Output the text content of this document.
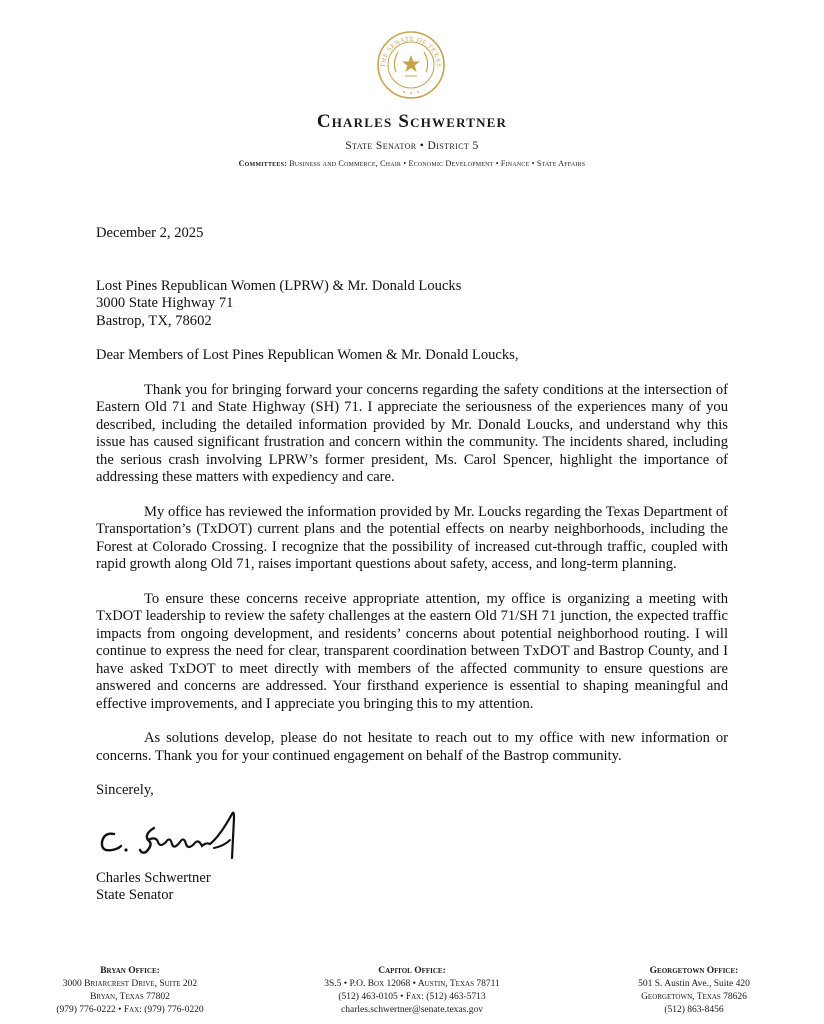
THE SENATE OF TEXAS
Charles Schwertner
State Senator • District 5
Committees: Business and Commerce, Chair • Economic Development • Finance • State Affairs
December 2, 2025
Lost Pines Republican Women (LPRW) & Mr. Donald Loucks
3000 State Highway 71
Bastrop, TX, 78602
Dear Members of Lost Pines Republican Women & Mr. Donald Loucks,
Thank you for bringing forward your concerns regarding the safety conditions at the intersection of Eastern Old 71 and State Highway (SH) 71. I appreciate the seriousness of the experiences many of you described, including the detailed information provided by Mr. Donald Loucks, and understand why this issue has caused significant frustration and concern within the community. The incidents shared, including the serious crash involving LPRW’s former president, Ms. Carol Spencer, highlight the importance of addressing these matters with expediency and care.
My office has reviewed the information provided by Mr. Loucks regarding the Texas Department of Transportation’s (TxDOT) current plans and the potential effects on nearby neighborhoods, including the Forest at Colorado Crossing. I recognize that the possibility of increased cut-through traffic, coupled with rapid growth along Old 71, raises important questions about safety, access, and long-term planning.
To ensure these concerns receive appropriate attention, my office is organizing a meeting with TxDOT leadership to review the safety challenges at the eastern Old 71/SH 71 junction, the expected traffic impacts from ongoing development, and residents’ concerns about potential neighborhood routing. I will continue to express the need for clear, transparent coordination between TxDOT and Bastrop County, and I have asked TxDOT to meet directly with members of the affected community to ensure questions are answered and concerns are addressed. Your firsthand experience is essential to shaping meaningful and effective improvements, and I appreciate you bringing this to my attention.
As solutions develop, please do not hesitate to reach out to my office with new information or concerns. Thank you for your continued engagement on behalf of the Bastrop community.
Sincerely,
Charles Schwertner
State Senator
Bryan Office:
3000 Briarcrest Drive, Suite 202
Bryan, Texas 77802
(979) 776-0222 • Fax: (979) 776-0220
Capitol Office:
3S.5 • P.O. Box 12068 • Austin, Texas 78711
(512) 463-0105 • Fax: (512) 463-5713
charles.schwertner@senate.texas.gov
Georgetown Office:
501 S. Austin Ave., Suite 420
Georgetown, Texas 78626
(512) 863-8456
